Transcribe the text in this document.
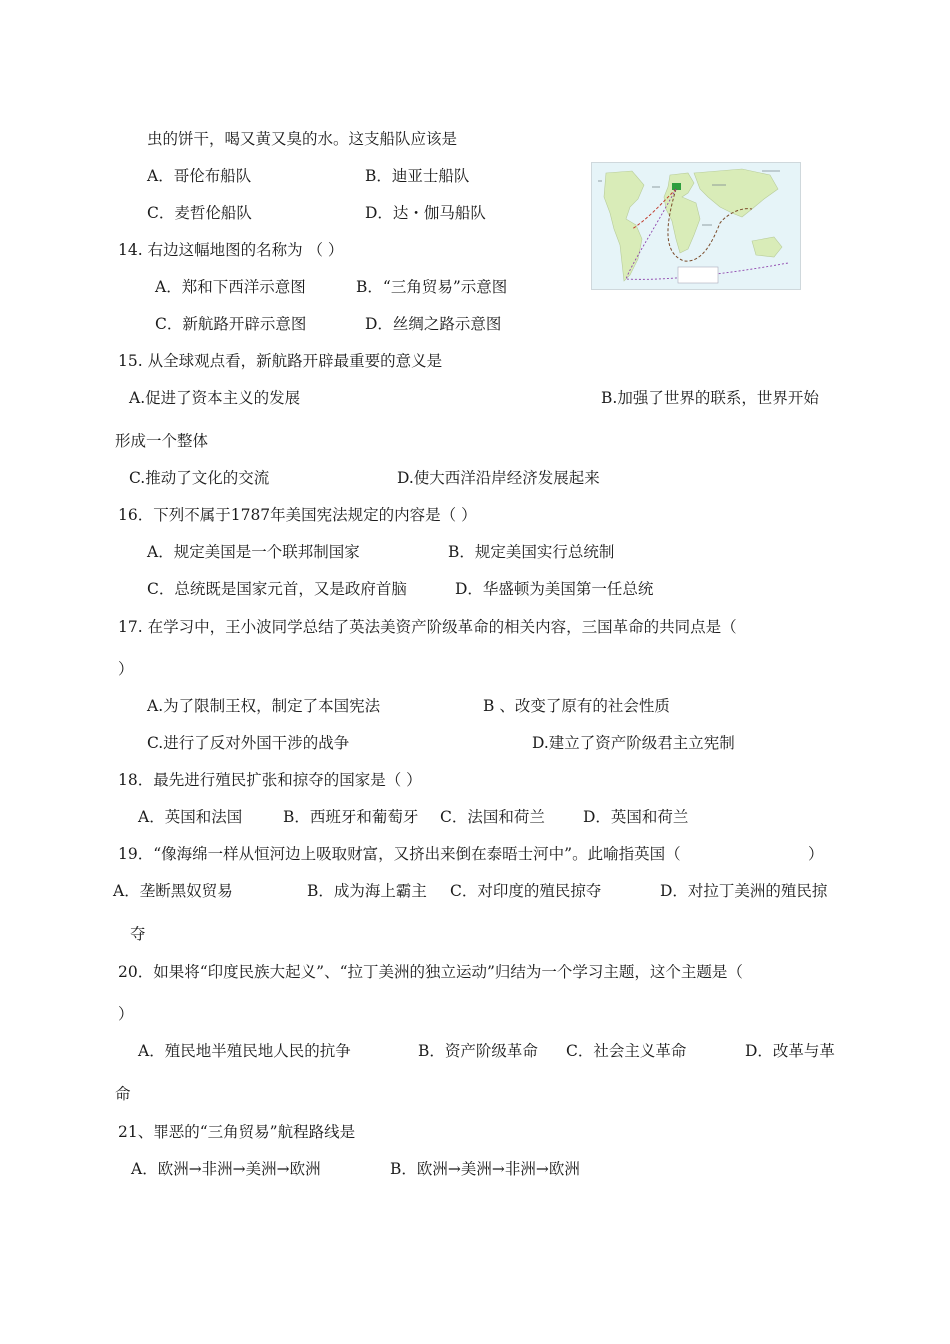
虫的饼干，喝又黄又臭的水。这支船队应该是
A．哥伦布船队	B．迪亚士船队
C．麦哲伦船队	D．达・伽马船队
14. 右边这幅地图的名称为 （ ）
A．郑和下西洋示意图	B．“三角贸易”示意图
C．新航路开辟示意图	D．丝绸之路示意图
15. 从全球观点看，新航路开辟最重要的意义是
A.促进了资本主义的发展	B.加强了世界的联系，世界开始
形成一个整体
C.推动了文化的交流	D.使大西洋沿岸经济发展起来
16．下列不属于1787年美国宪法规定的内容是（ ）
A．规定美国是一个联邦制国家	B．规定美国实行总统制
C．总统既是国家元首，又是政府首脑	D．华盛顿为美国第一任总统
17. 在学习中，王小波同学总结了英法美资产阶级革命的相关内容，三国革命的共同点是（
）
A.为了限制王权，制定了本国宪法	B 、改变了原有的社会性质
C.进行了反对外国干涉的战争	D.建立了资产阶级君主立宪制
18．最先进行殖民扩张和掠夺的国家是（ ）
A．英国和法国	B．西班牙和葡萄牙 C．法国和荷兰 D．英国和荷兰
19．“像海绵一样从恒河边上吸取财富，又挤出来倒在泰晤士河中”。此喻指英国（	）
A．垄断黑奴贸易	B．成为海上霸主 C．对印度的殖民掠夺	D．对拉丁美洲的殖民掠
夺
20．如果将“印度民族大起义”、“拉丁美洲的独立运动”归结为一个学习主题，这个主题是（
）
A．殖民地半殖民地人民的抗争	B．资产阶级革命 C．社会主义革命	D．改革与革
命
21、罪恶的“三角贸易”航程路线是
A．欧洲→非洲→美洲→欧洲	B．欧洲→美洲→非洲→欧洲
